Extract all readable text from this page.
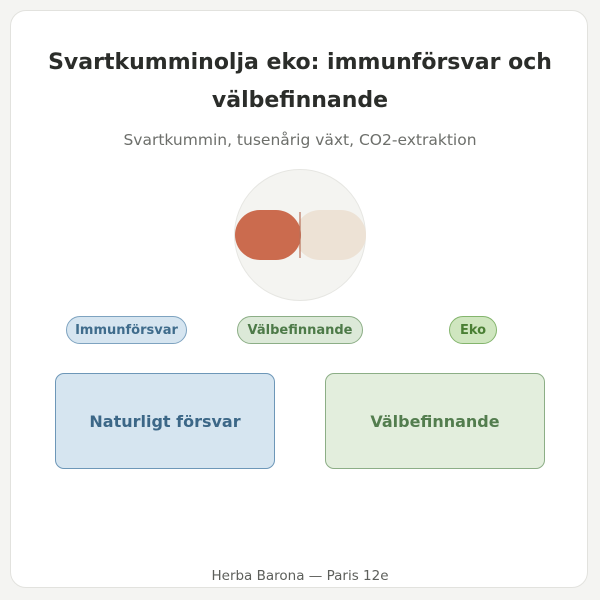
Svartkumminolja eko: immunförsvar och välbefinnande

Svartkummin, tusenårig växt, CO2-extraktion

Immunförsvar	Välbefinnande	Eko
Naturligt försvar	Välbefinnande

Herba Barona — Paris 12e
